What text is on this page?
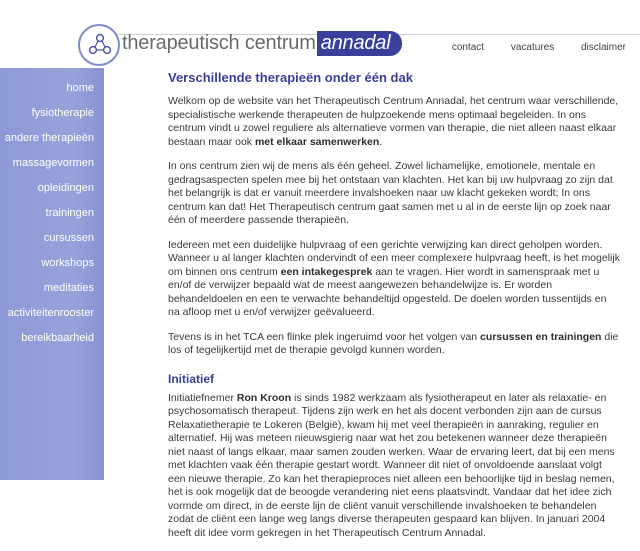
therapeutisch centrum annadal	contact	vacatures	disclaimer
home
fysiotherapie
andere therapieën
massagevormen
opleidingen
trainingen
cursussen
workshops
meditaties
activiteitenrooster
bereikbaarheid
Verschillende therapieën onder één dak

Welkom op de website van het Therapeutisch Centrum Annadal, het centrum waar verschillende, specialistische werkende therapeuten de hulpzoekende mens optimaal begeleiden. In ons centrum vindt u zowel reguliere als alternatieve vormen van therapie, die niet alleen naast elkaar bestaan maar ook met elkaar samenwerken.

In ons centrum zien wij de mens als één geheel. Zowel lichamelijke, emotionele, mentale en gedragsaspecten spelen mee bij het ontstaan van klachten. Het kan bij uw hulpvraag zo zijn dat het belangrijk is dat er vanuit meerdere invalshoeken naar uw klacht gekeken wordt; In ons centrum kan dat! Het Therapeutisch centrum gaat samen met u al in de eerste lijn op zoek naar één of meerdere passende therapieën.

Iedereen met een duidelijke hulpvraag of een gerichte verwijzing kan direct geholpen worden. Wanneer u al langer klachten ondervindt of een meer complexere hulpvraag heeft, is het mogelijk om binnen ons centrum een intakegesprek aan te vragen. Hier wordt in samenspraak met u en/of de verwijzer bepaald wat de meest aangewezen behandelwijze is. Er worden behandeldoelen en een te verwachte behandeltijd opgesteld. De doelen worden tussentijds en na afloop met u en/of verwijzer geëvalueerd.

Tevens is in het TCA een flinke plek ingeruimd voor het volgen van cursussen en trainingen die los of tegelijkertijd met de therapie gevolgd kunnen worden.

Initiatief

Initiatiefnemer Ron Kroon is sinds 1982 werkzaam als fysiotherapeut en later als relaxatie- en psychosomatisch therapeut. Tijdens zijn werk en het als docent verbonden zijn aan de cursus Relaxatietherapie te Lokeren (België), kwam hij met veel therapieën in aanraking, regulier en alternatief. Hij was meteen nieuwsgierig naar wat het zou betekenen wanneer deze therapieën niet naast of langs elkaar, maar samen zouden werken. Waar de ervaring leert, dat bij een mens met klachten vaak één therapie gestart wordt. Wanneer dit niet of onvoldoende aanslaat volgt een nieuwe therapie. Zo kan het therapieproces niet alleen een behoorlijke tijd in beslag nemen, het is ook mogelijk dat de beoogde verandering niet eens plaatsvindt. Vandaar dat het idee zich vormde om direct, in de eerste lijn de cliënt vanuit verschillende invalshoeken te behandelen zodat de cliënt een lange weg langs diverse therapeuten gespaard kan blijven. In januari 2004 heeft dit idee vorm gekregen in het Therapeutisch Centrum Annadal.
